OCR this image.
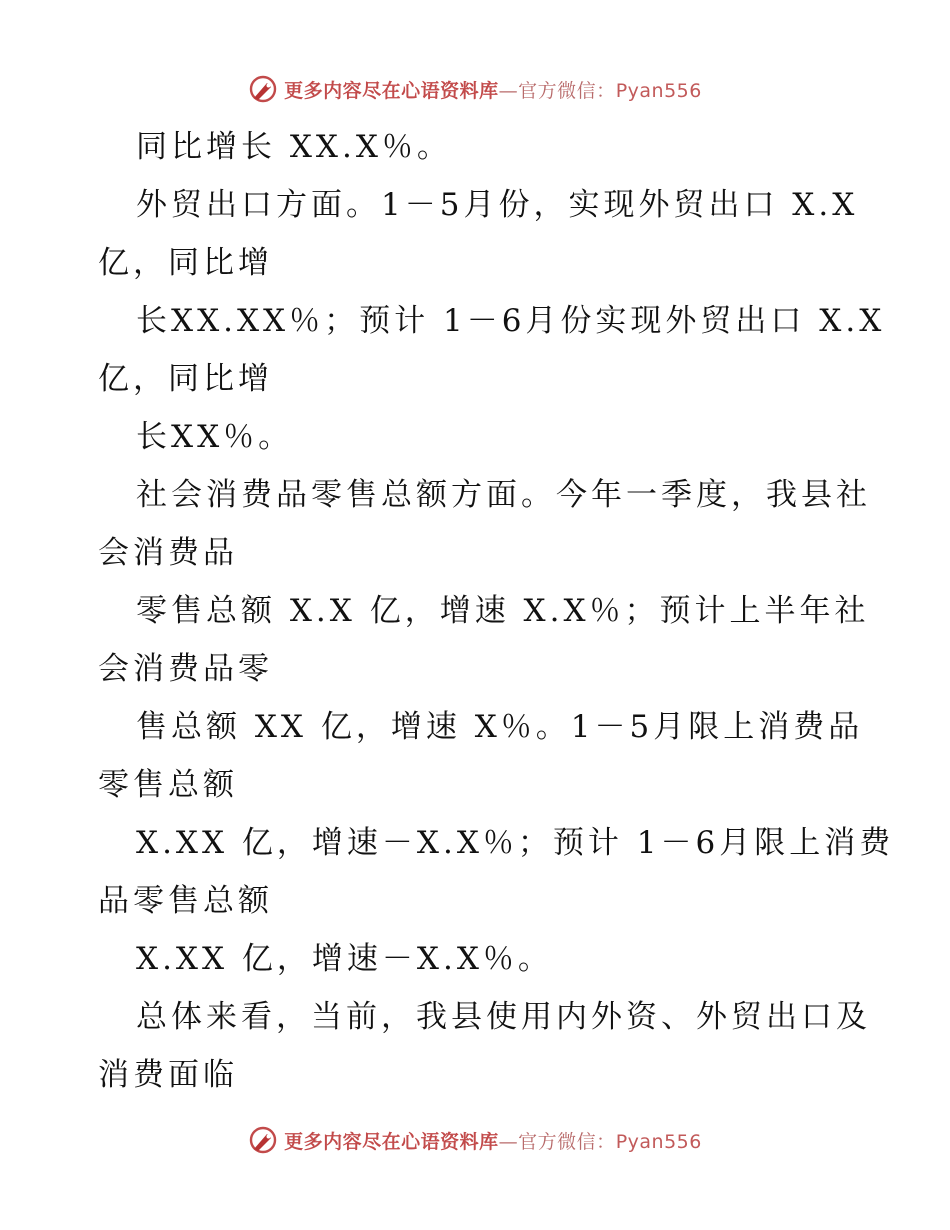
更多内容尽在心语资料库—官方微信：Pyan556
同比增长 XX.X％。
外贸出口方面。1－5月份，实现外贸出口 X.X
亿，同比增
长XX.XX％；预计 1－6月份实现外贸出口 X.X
亿，同比增
长XX％。
社会消费品零售总额方面。今年一季度，我县社
会消费品
零售总额 X.X 亿，增速 X.X％；预计上半年社
会消费品零
售总额 XX 亿，增速 X％。1－5月限上消费品
零售总额
X.XX 亿，增速－X.X％；预计 1－6月限上消费
品零售总额
X.XX 亿，增速－X.X％。
总体来看，当前，我县使用内外资、外贸出口及
消费面临
更多内容尽在心语资料库—官方微信：Pyan556
